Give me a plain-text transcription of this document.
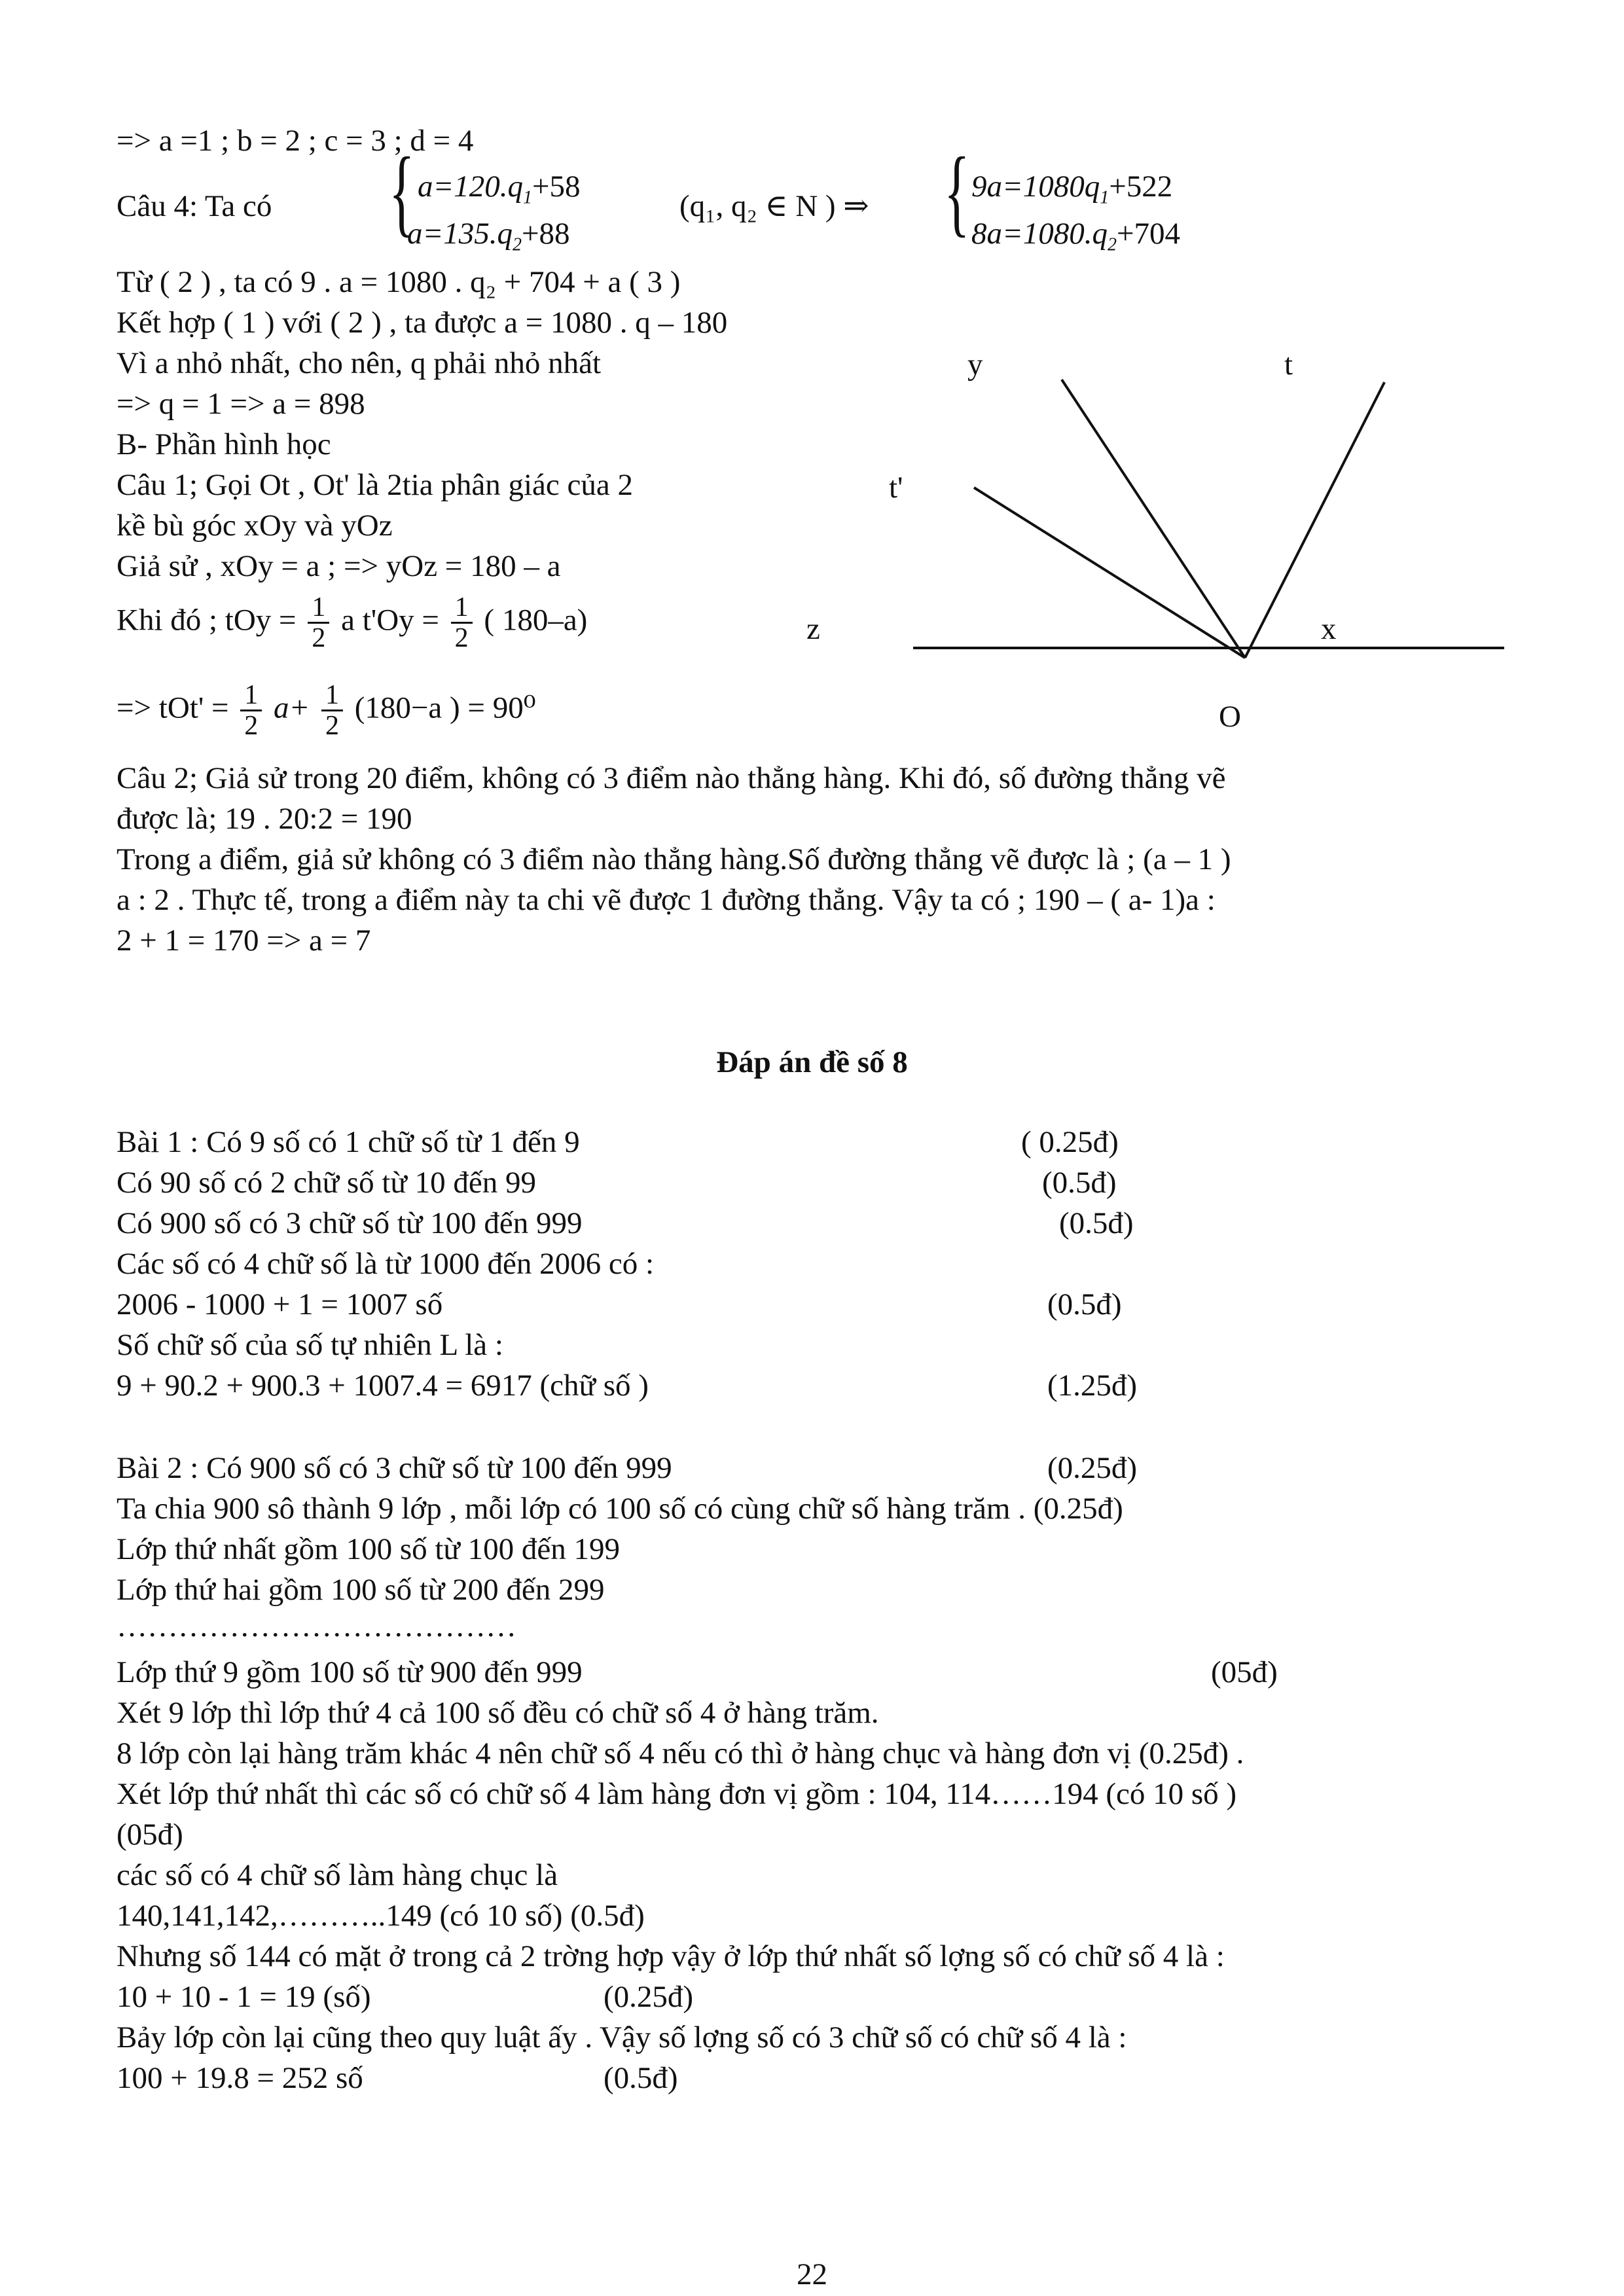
=> a =1 ; b = 2 ; c = 3 ; d = 4
Câu 4: Ta có { $a=120.q_1+58$
$a=135.q_2+88$
(q₁, q₂ ∈ N ) ⇒ { $9a=1080q_1+522$
$8a=1080.q_2+704$
Từ ( 2 ) , ta có 9 . a = 1080 . q₂ + 704 + a ( 3 )
Kết hợp ( 1 ) với ( 2 ) , ta được a = 1080 . q – 180
Vì a nhỏ nhất, cho nên, q phải nhỏ nhất
=> q = 1 => a = 898
B- Phần hình học
Câu 1; Gọi Ot , Ot' là 2tia phân giác của 2
kề bù góc xOy và yOz
Giả sử , xOy = a ; => yOz = 180 – a
Khi đó ; tOy = $\frac{1}{2}$ a $t'Oy = \frac{1}{2}$ ( 180–a)
=> $tOt' = \frac{1}{2} a+ \frac{1}{2} (180-a$ ) = 90⁰
y	t
t'
z	x
O
Câu 2; Giả sử trong 20 điểm, không có 3 điểm nào thẳng hàng. Khi đó, số đường thẳng vẽ
được là; 19 . 20:2 = 190
Trong a điểm, giả sử không có 3 điểm nào thẳng hàng.Số đường thẳng vẽ được là ; (a – 1 )
a : 2 . Thực tế, trong a điểm này ta chi vẽ được 1 đường thẳng. Vậy ta có ; 190 – ( a- 1)a :
2 + 1 = 170 => a = 7
Đáp án đề số 8
Bài 1 : Có 9 số có 1 chữ số từ 1 đến 9	( 0.25đ)
Có 90 số có 2 chữ số từ 10 đến 99	(0.5đ)
Có 900 số có 3 chữ số từ 100 đến 999	(0.5đ)
Các số có 4 chữ số là từ 1000 đến 2006 có :
2006 - 1000 + 1 = 1007 số	(0.5đ)
Số chữ số của số tự nhiên L là :
9 + 90.2 + 900.3 + 1007.4 = 6917 (chữ số )	(1.25đ)
Bài 2 : Có 900 số có 3 chữ số từ 100 đến 999	(0.25đ)
Ta chia 900 sô thành 9 lớp , mỗi lớp có 100 số có cùng chữ số hàng trăm . (0.25đ)
Lớp thứ nhất gồm 100 số từ 100 đến 199
Lớp thứ hai gồm 100 số từ 200 đến 299
…………………………………
Lớp thứ 9 gồm 100 số từ 900 đến 999	(05đ)
Xét 9 lớp thì lớp thứ 4 cả 100 số đều có chữ số 4 ở hàng trăm.
8 lớp còn lại hàng trăm khác 4 nên chữ số 4 nếu có thì ở hàng chục và hàng đơn vị (0.25đ) .
Xét lớp thứ nhất thì các số có chữ số 4 làm hàng đơn vị gồm : 104, 114……194 (có 10 số )
(05đ)
các số có 4 chữ số làm hàng chục là
140,141,142,………..149 (có 10 số) (0.5đ)
Nhưng số 144 có mặt ở trong cả 2 trờng hợp vậy ở lớp thứ nhất số lợng số có chữ số 4 là :
10 + 10 - 1 = 19 (số)	(0.25đ)
Bảy lớp còn lại cũng theo quy luật ấy . Vậy số lợng số có 3 chữ số có chữ số 4 là :
100 + 19.8 = 252 số	(0.5đ)
22
